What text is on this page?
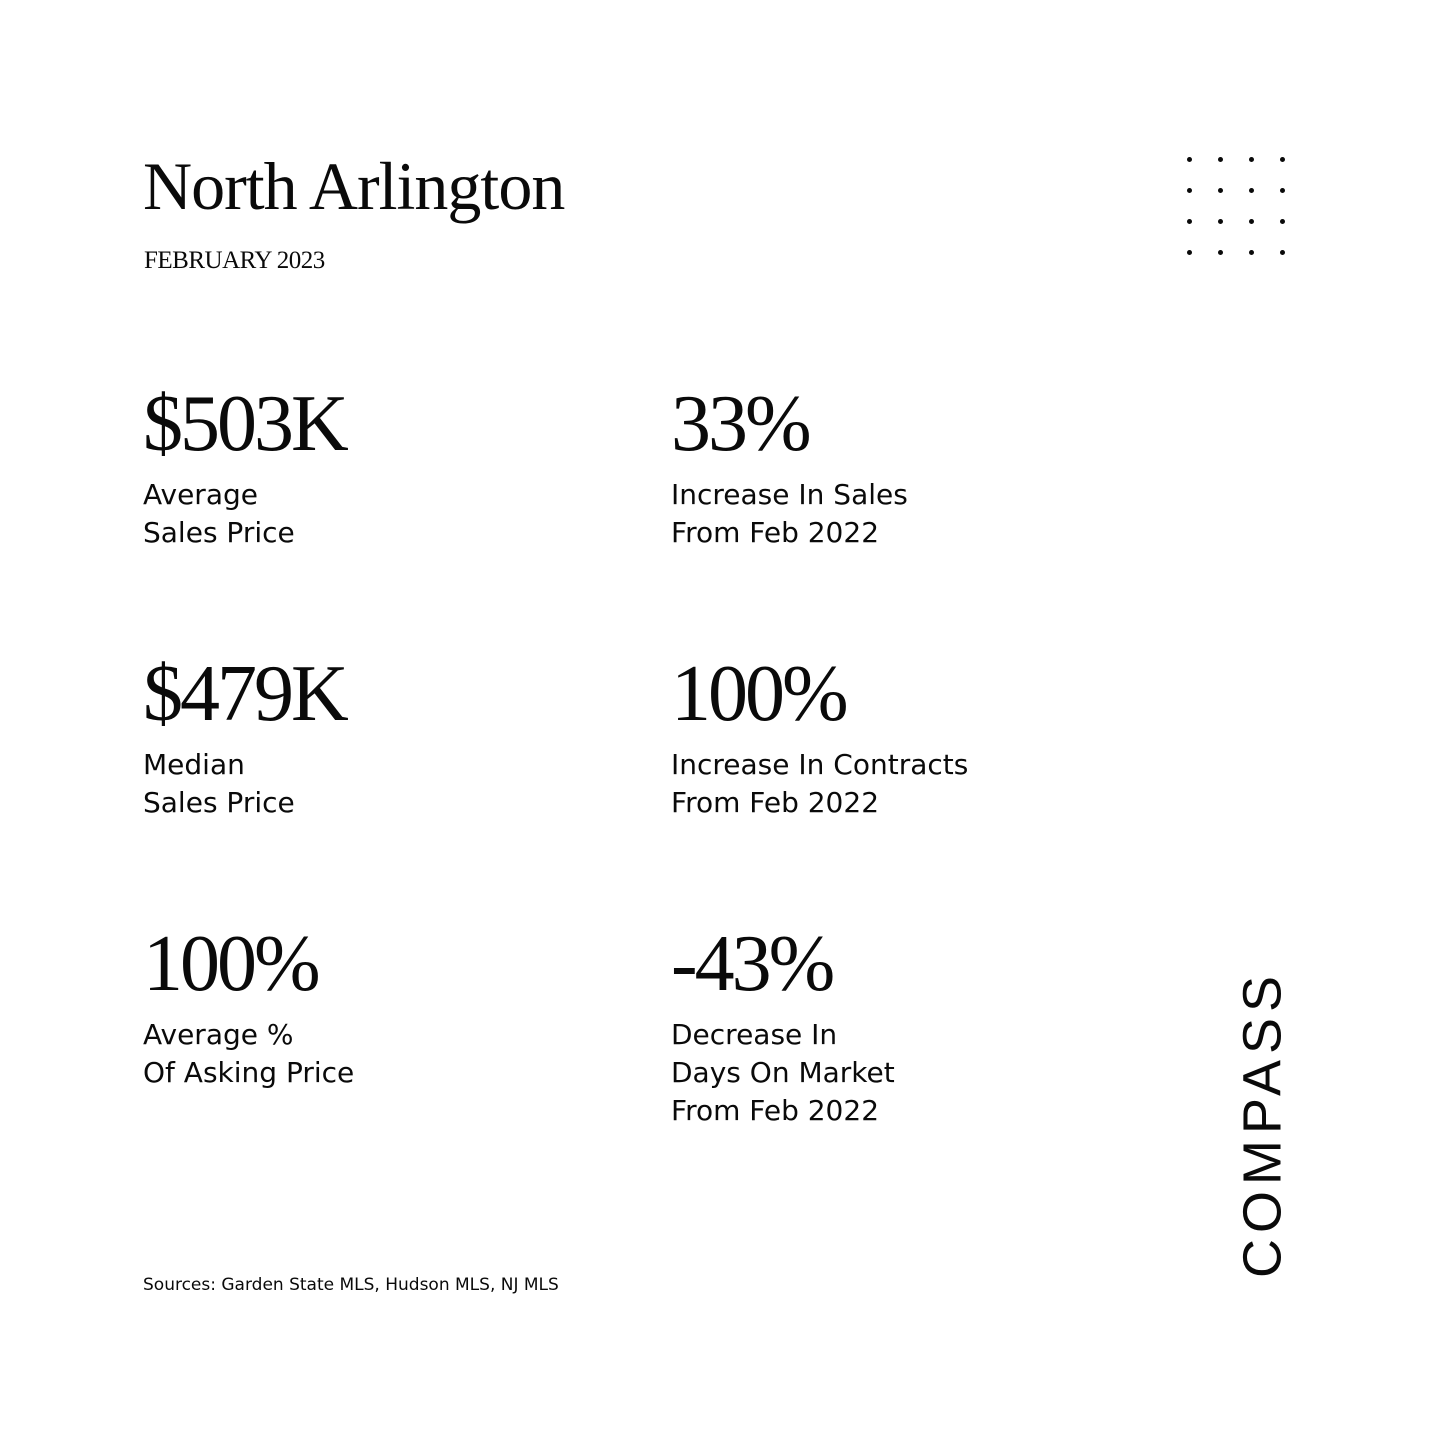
North Arlington
FEBRUARY 2023
$503K
Average
Sales Price
33%
Increase In Sales
From Feb 2022
$479K
Median
Sales Price
100%
Increase In Contracts
From Feb 2022
100%
Average %
Of Asking Price
-43%
Decrease In
Days On Market
From Feb 2022
Sources: Garden State MLS, Hudson MLS, NJ MLS
COMPASS
